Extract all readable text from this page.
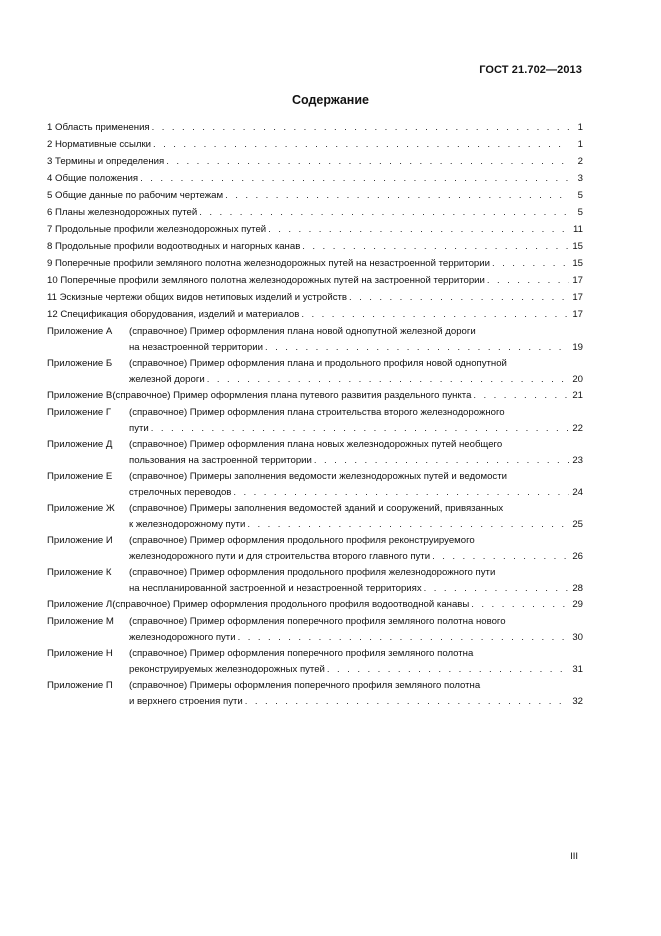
ГОСТ 21.702—2013
Содержание
1 Область применения . . .	1
2 Нормативные ссылки . . .	1
3 Термины и определения . . .	2
4 Общие положения . . .	3
5 Общие данные по рабочим чертежам . . .	5
6 Планы железнодорожных путей . . .	5
7 Продольные профили железнодорожных путей . . .	11
8 Продольные профили водоотводных и нагорных канав . . .	15
9 Поперечные профили земляного полотна железнодорожных путей на незастроенной территории . . .	15
10 Поперечные профили земляного полотна железнодорожных путей на застроенной территории . . .	17
11 Эскизные чертежи общих видов нетиповых изделий и устройств . . .	17
12 Спецификация оборудования, изделий и материалов . . .	17
Приложение А	(справочное) Пример оформления плана новой однопутной железной дороги
на незастроенной территории . . .	19
Приложение Б	(справочное) Пример оформления плана и продольного профиля новой однопутной
железной дороги . . .	20
Приложение В (справочное) Пример оформления плана путевого развития раздельного пункта . . .	21
Приложение Г	(справочное) Пример оформления плана строительства второго железнодорожного
пути . . .	22
Приложение Д	(справочное) Пример оформления плана новых железнодорожных путей необщего
пользования на застроенной территории . . .	23
Приложение Е	(справочное) Примеры заполнения ведомости железнодорожных путей и ведомости
стрелочных переводов . . .	24
Приложение Ж	(справочное) Примеры заполнения ведомостей зданий и сооружений, привязанных
к железнодорожному пути . . .	25
Приложение И	(справочное) Пример оформления продольного профиля реконструируемого
железнодорожного пути и для строительства второго главного пути . . .	26
Приложение К	(справочное) Пример оформления продольного профиля железнодорожного пути
на неспланированной застроенной и незастроенной территориях . . .	28
Приложение Л (справочное) Пример оформления продольного профиля водоотводной канавы . . .	29
Приложение М	(справочное) Пример оформления поперечного профиля земляного полотна нового
железнодорожного пути . . .	30
Приложение Н	(справочное) Пример оформления поперечного профиля земляного полотна
реконструируемых железнодорожных путей . . .	31
Приложение П	(справочное) Примеры оформления поперечного профиля земляного полотна
и верхнего строения пути . . .	32
III
